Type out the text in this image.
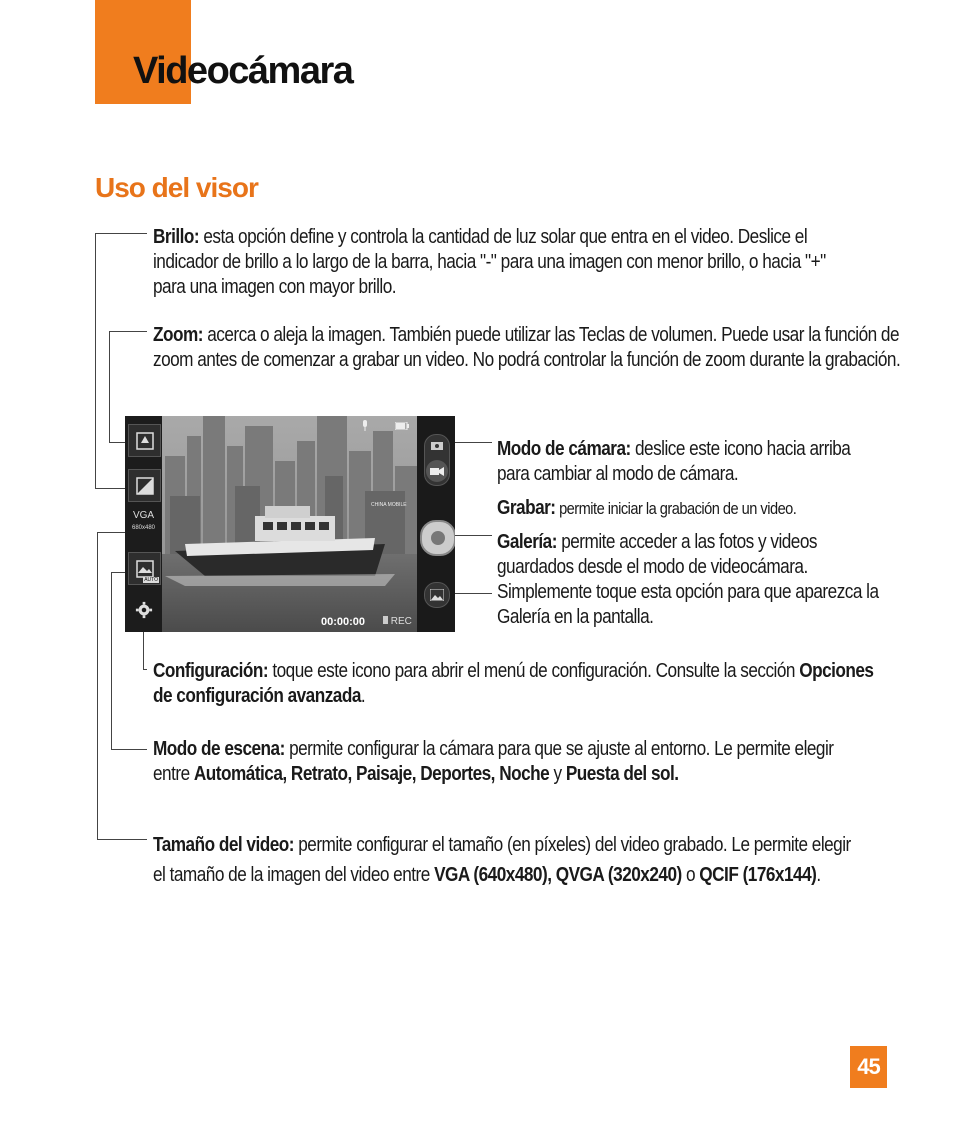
Videocámara
Uso del visor
Brillo: esta opción define y controla la cantidad de luz solar que entra en el video. Deslice el indicador de brillo a lo largo de la barra, hacia "-" para una imagen con menor brillo, o hacia "+" para una imagen con mayor brillo.
Zoom: acerca o aleja la imagen. También puede utilizar las Teclas de volumen. Puede usar la función de zoom antes de comenzar a grabar un video. No podrá controlar la función de zoom durante la grabación.
Modo de cámara: deslice este icono hacia arriba para cambiar al modo de cámara.
Grabar: permite iniciar la grabación de un video.
Galería: permite acceder a las fotos y videos guardados desde el modo de videocámara. Simplemente toque esta opción para que aparezca la Galería en la pantalla.
Configuración: toque este icono para abrir el menú de configuración. Consulte la sección Opciones de configuración avanzada.
Modo de escena: permite configurar la cámara para que se ajuste al entorno. Le permite elegir entre Automática, Retrato, Paisaje, Deportes, Noche y Puesta del sol.
Tamaño del video: permite configurar el tamaño (en píxeles) del video grabado. Le permite elegir el tamaño de la imagen del video entre VGA (640x480), QVGA (320x240) o QCIF (176x144).
CHINA MOBILE
VGA
680x480
AUTO
00:00:00	REC
45
